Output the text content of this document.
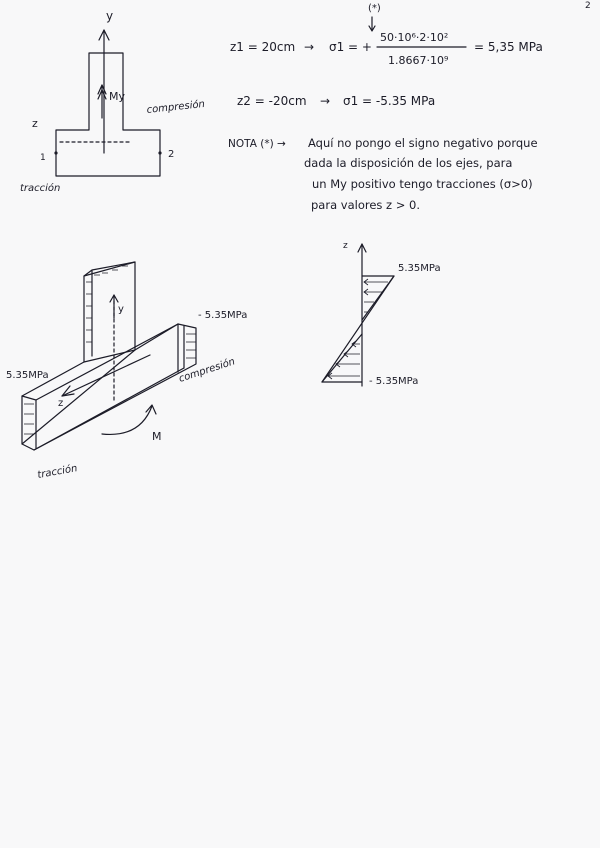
2
y
z
My
compresión
tracción
1	2
(*)
z1 = 20cm → σ1 = +
50·10⁶·2·10²
1.8667·10⁹
= 5,35 MPa
z2 = -20cm → σ1 = -5.35 MPa
NOTA (*) → Aquí no pongo el signo negativo porque
dada la disposición de los ejes, para
un My positivo tengo tracciones (σ>0)
para valores z > 0.
- 5.35MPa
5.35MPa	compresión
tracción
y
z
M
z
5.35MPa
- 5.35MPa
